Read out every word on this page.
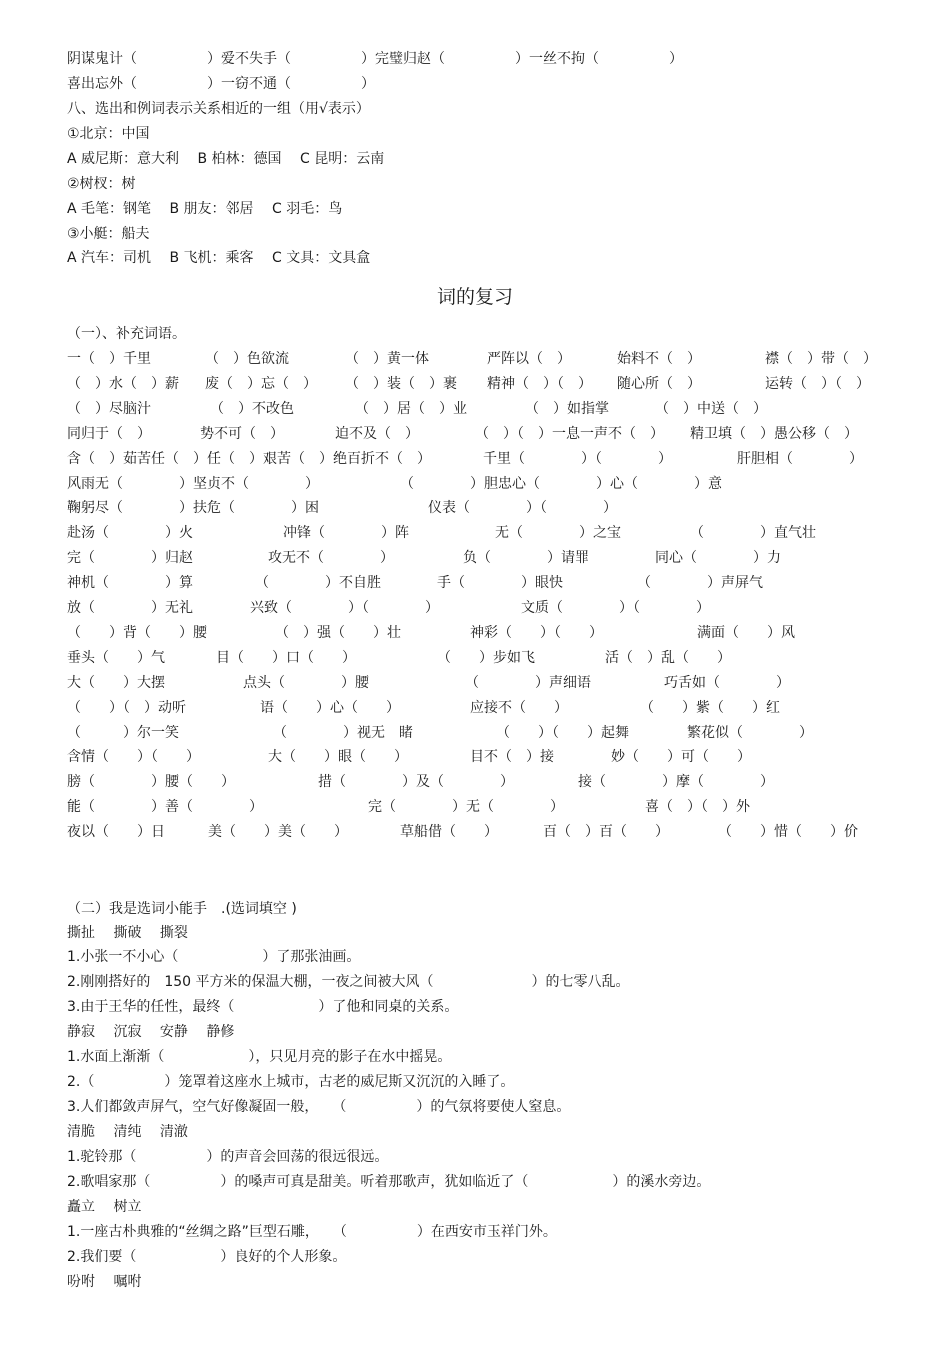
阴谋鬼计（　　　　　）爱不失手（　　　　　）完璧归赵（　　　　　）一丝不拘（　　　　　）
喜出忘外（　　　　　）一窃不通（　　　　　）
八、选出和例词表示关系相近的一组（用√表示）
①北京：中国
A 威尼斯：意大利　 B 柏林：德国　 C 昆明：云南
②树杈：树
A 毛笔：钢笔　 B 朋友：邻居　 C 羽毛：鸟
③小艇：船夫
A 汽车：司机　 B 飞机：乘客　 C 文具：文具盒
词的复习
（一）、补充词语。
一（　）千里	（　）色欲流	（　）黄一体	严阵以（　）	始料不（　）	襟（　）带（　）
（　）水（　）薪 废（　）忘（　） （　）装（　）裹 精神（　）（　） 随心所（　）	运转（　）（　）
（　）尽脑汁	（　）不改色	（　）居（　）业	（　）如指掌	（　）中送（　）
同归于（　）	势不可（　）	迫不及（　）	（　）（　）一息一声不（　） 精卫填（　）愚公移（　）
含（　）茹苦任（　）任（　）艰苦（　）绝百折不（　）	千里（　　　　）（　　　　）	肝胆相（　　　　）
风雨无（　　　　）坚贞不（　　　　）	（　　　　）胆忠心（　　　　）心（　　　　）意
鞠躬尽（　　　　）扶危（　　　　）困	仪表（　　　　）（　　　　）
赴汤（　　　　）火	冲锋（　　　　）阵	无（　　　　）之宝	（　　　　）直气壮
完（　　　　）归赵	攻无不（　　　　）	负（　　　　）请罪	同心（　　　　）力
神机（　　　　）算	（　　　　）不自胜	手（　　　　）眼快	（　　　　）声屏气
放（　　　　）无礼	兴致（　　　　）（　　　　）	文质（　　　　）（　　　　）
（　　）背（　　）腰	（　）强（　　）壮	神彩（　　）（　　）	满面（　　）风
垂头（　　）气	目（　　）口（　　）	（　　）步如飞	活（　）乱（　　）
大（　　）大摆	点头（　　　　）腰	（　　　　）声细语	巧舌如（　　　　）
（　　）（　）动听	语（　　）心（　　）	应接不（　　）	（　　）紫（　　）红
（　　　）尔一笑	（　　　　）视无　睹	（　　）（　　）起舞	繁花似（　　　　）
含情（　　）（　　）	大（　　）眼（　　）	目不（　）接	妙（　　）可（　　）
膀（　　　　）腰（　　）	措（　　　　）及（　　　　）	接（　　　　）摩（　　　　）
能（　　　　）善（　　　　）	完（　　　　）无（　　　　）	喜（　）（　）外
夜以（　　）日	美（　　）美（　　）	草船借（　　）	百（　）百（　　）	（　　）惜（　　）价
（二）我是选词小能手　.(选词填空 )
撕扯　 撕破　 撕裂
1.小张一不小心（　　　　　　）了那张油画。
2.刚刚搭好的　150 平方米的保温大棚，一夜之间被大风（　　　　　　　）的七零八乱。
3.由于王华的任性，最终（　　　　　　）了他和同桌的关系。
静寂　 沉寂　 安静　 静修
1.水面上渐渐（　　　　　　），只见月亮的影子在水中摇晃。
2.（　　　　　）笼罩着这座水上城市，古老的威尼斯又沉沉的入睡了。
3.人们都敛声屏气，空气好像凝固一般，　　（　　　　　）的气氛将要使人窒息。
清脆　 清纯　 清澈
1.驼铃那（　　　　　）的声音会回荡的很远很远。
2.歌唱家那（　　　　　）的嗓声可真是甜美。听着那歌声，犹如临近了（　　　　　　）的溪水旁边。
矗立　 树立
1.一座古朴典雅的“丝绸之路”巨型石雕，　　（　　　　　）在西安市玉祥门外。
2.我们要（　　　　　　）良好的个人形象。
吩咐　 嘱咐
